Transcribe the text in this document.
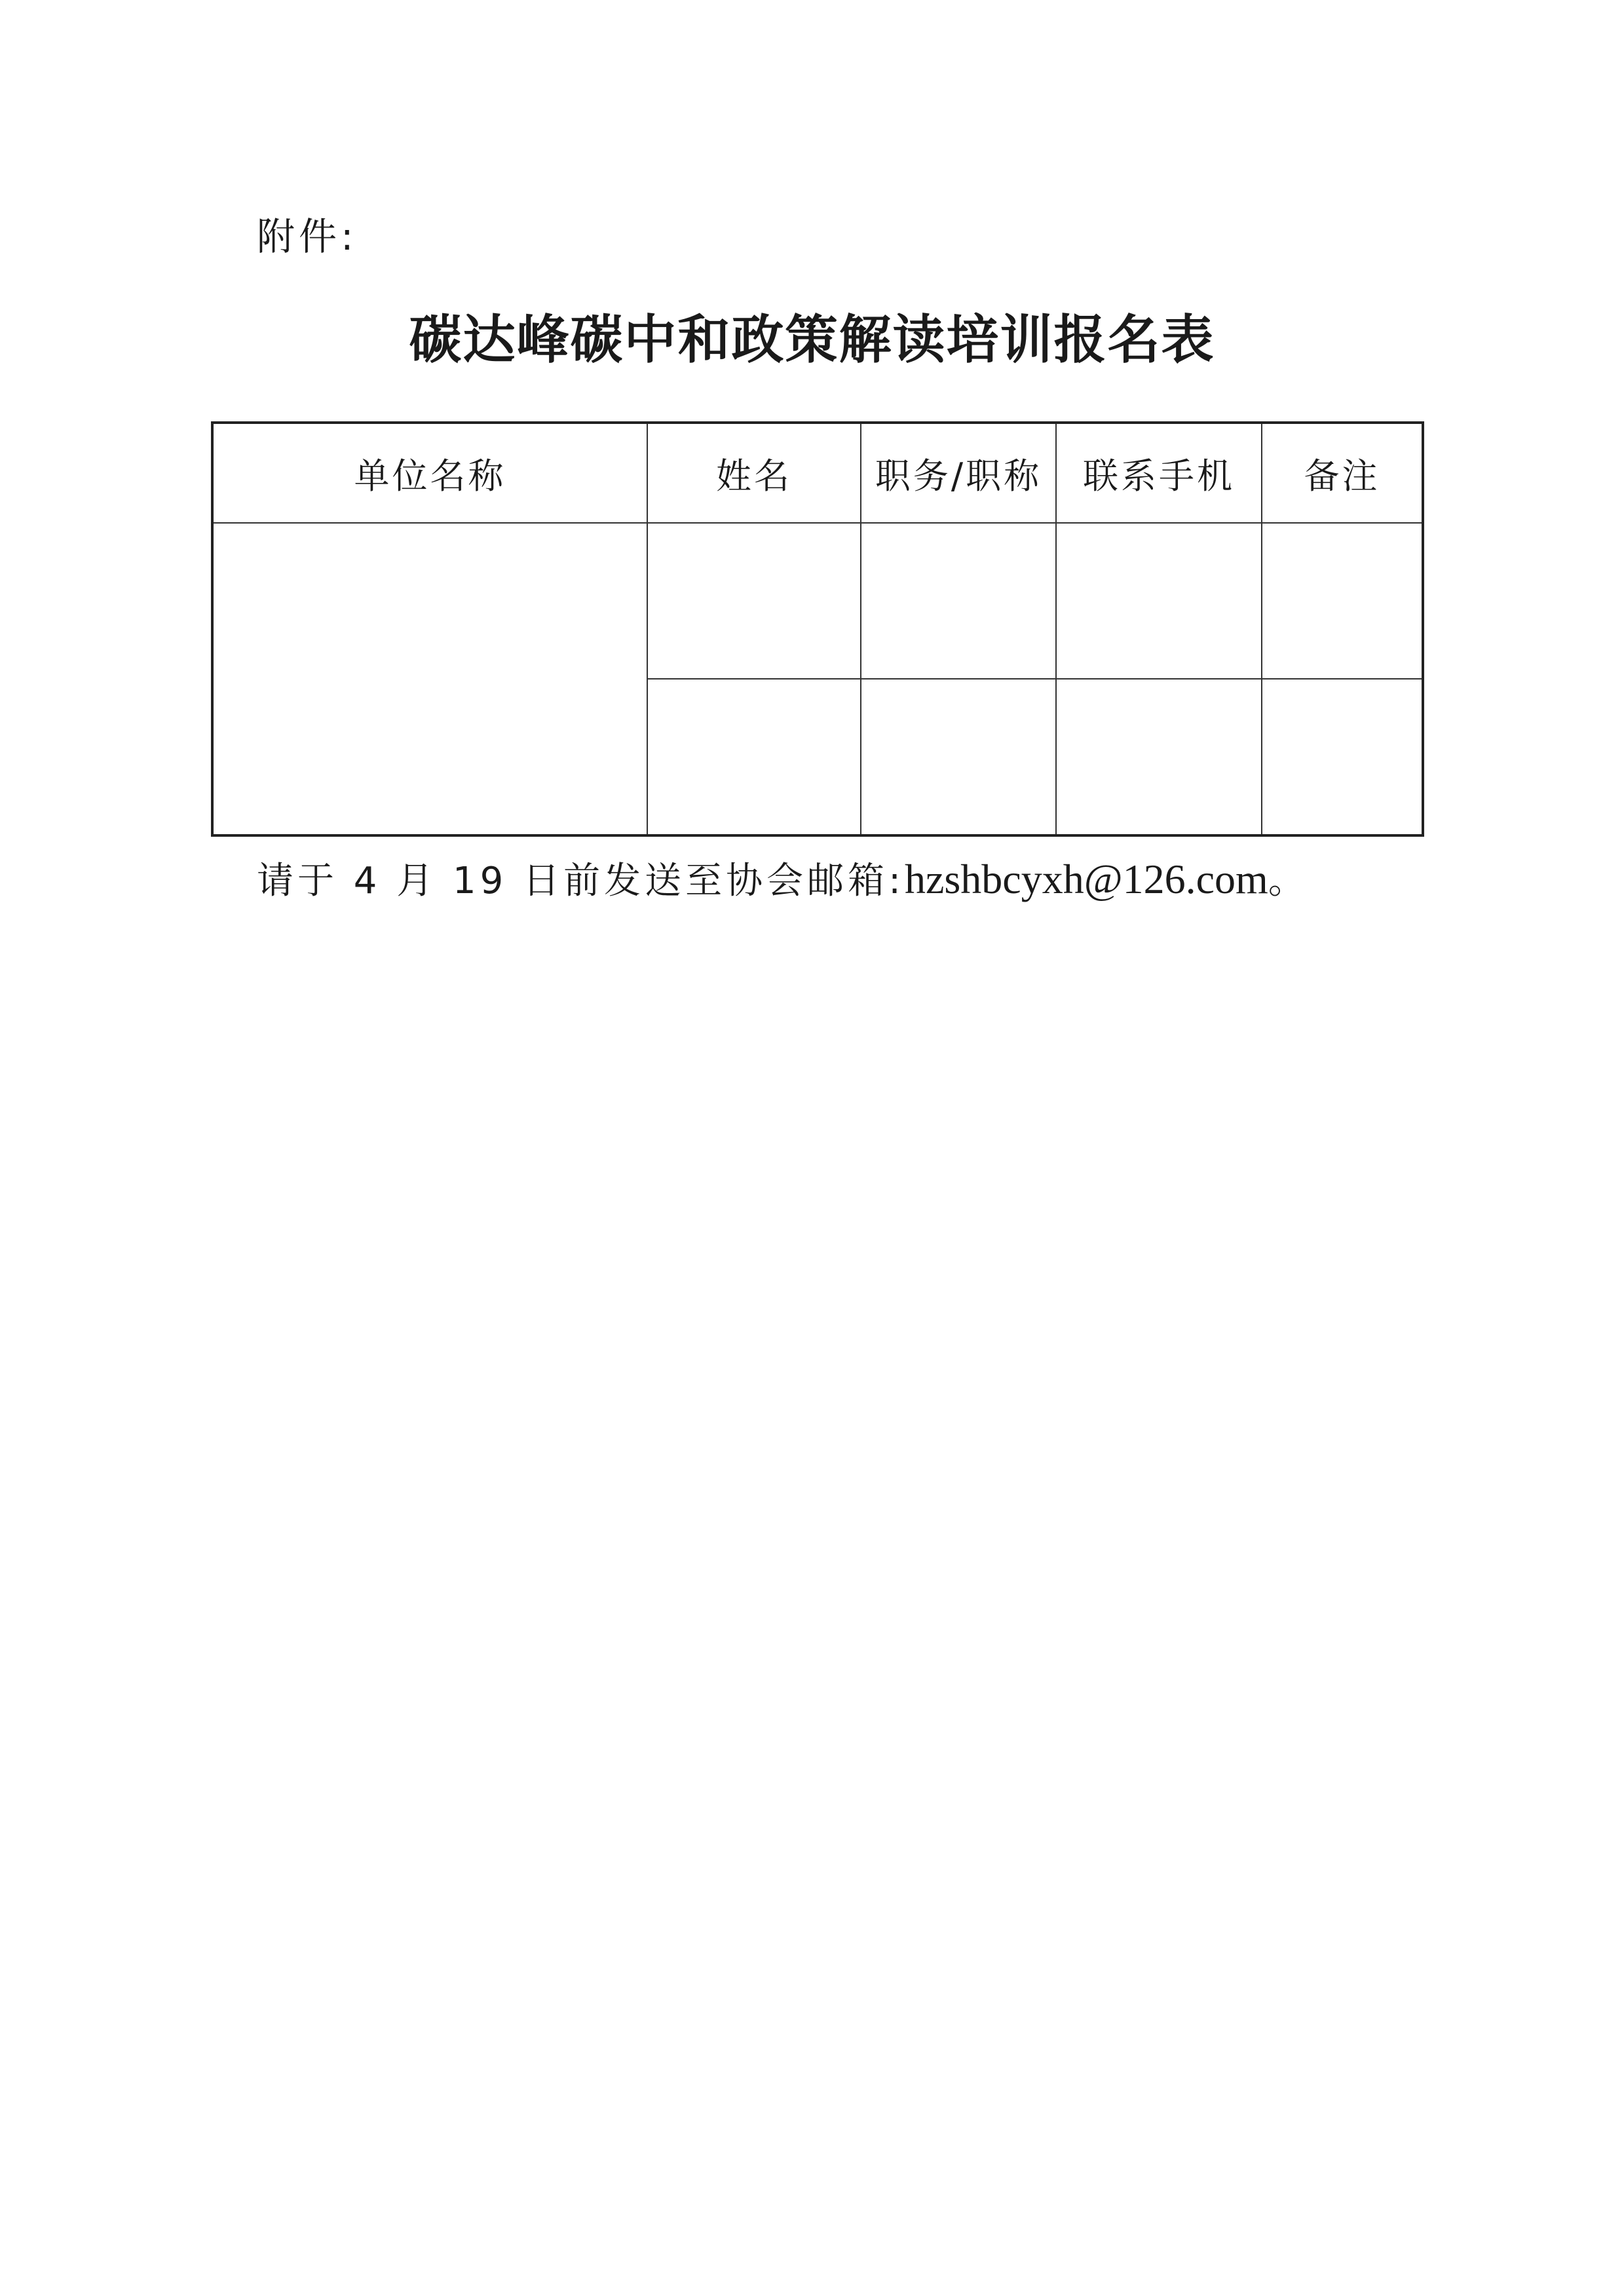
附件:
碳达峰碳中和政策解读培训报名表
单位名称	姓名	职务/职称	联系手机	备注

请于 4 月 19 日前发送至协会邮箱:hzshbcyxh@126.com。
